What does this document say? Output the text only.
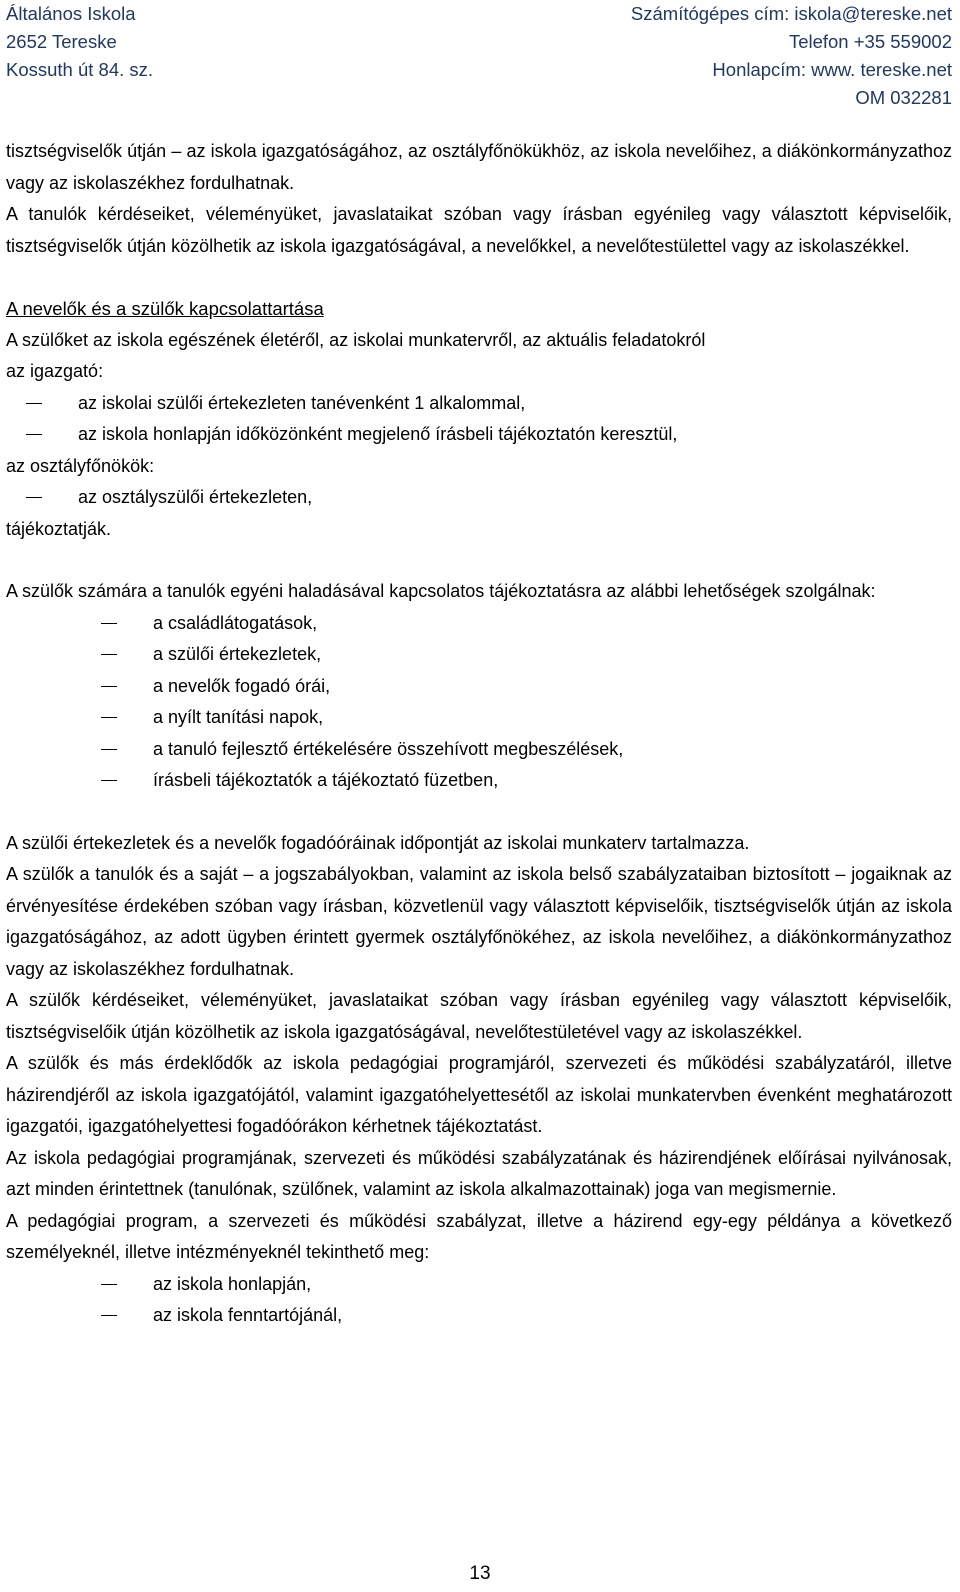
Általános Iskola
2652 Tereske
Kossuth út 84. sz.
Számítógépes cím: iskola@tereske.net
Telefon +35 559002
Honlapcím: www. tereske.net
OM 032281

tisztségviselők útján – az iskola igazgatóságához, az osztályfőnökükhöz, az iskola nevelőihez, a diákönkormányzathoz vagy az iskolaszékhez fordulhatnak.

A tanulók kérdéseiket, véleményüket, javaslataikat szóban vagy írásban egyénileg vagy választott képviselőik, tisztségviselők útján közölhetik az iskola igazgatóságával, a nevelőkkel, a nevelőtestülettel vagy az iskolaszékkel.

A nevelők és a szülők kapcsolattartása

A szülőket az iskola egészének életéről, az iskolai munkatervről, az aktuális feladatokról

az igazgató:

az iskolai szülői értekezleten tanévenként 1 alkalommal,
az iskola honlapján időközönként megjelenő írásbeli tájékoztatón keresztül,

az osztályfőnökök:

az osztályszülői értekezleten,

tájékoztatják.

A szülők számára a tanulók egyéni haladásával kapcsolatos tájékoztatásra az alábbi lehetőségek szolgálnak:

a családlátogatások,
a szülői értekezletek,
a nevelők fogadó órái,
a nyílt tanítási napok,
a tanuló fejlesztő értékelésére összehívott megbeszélések,
írásbeli tájékoztatók a tájékoztató füzetben,

A szülői értekezletek és a nevelők fogadóóráinak időpontját az iskolai munkaterv tartalmazza.

A szülők a tanulók és a saját – a jogszabályokban, valamint az iskola belső szabályzataiban biztosított – jogaiknak az érvényesítése érdekében szóban vagy írásban, közvetlenül vagy választott képviselőik, tisztségviselők útján az iskola igazgatóságához, az adott ügyben érintett gyermek osztályfőnökéhez, az iskola nevelőihez, a diákönkormányzathoz vagy az iskolaszékhez fordulhatnak.

A szülők kérdéseiket, véleményüket, javaslataikat szóban vagy írásban egyénileg vagy választott képviselőik, tisztségviselőik útján közölhetik az iskola igazgatóságával, nevelőtestületével vagy az iskolaszékkel.

A szülők és más érdeklődők az iskola pedagógiai programjáról, szervezeti és működési szabályzatáról, illetve házirendjéről az iskola igazgatójától, valamint igazgatóhelyettesétől az iskolai munkatervben évenként meghatározott igazgatói, igazgatóhelyettesi fogadóórákon kérhetnek tájékoztatást.

Az iskola pedagógiai programjának, szervezeti és működési szabályzatának és házirendjének előírásai nyilvánosak, azt minden érintettnek (tanulónak, szülőnek, valamint az iskola alkalmazottainak) joga van megismernie.

A pedagógiai program, a szervezeti és működési szabályzat, illetve a házirend egy-egy példánya a következő személyeknél, illetve intézményeknél tekinthető meg:

az iskola honlapján,
az iskola fenntartójánál,
13
